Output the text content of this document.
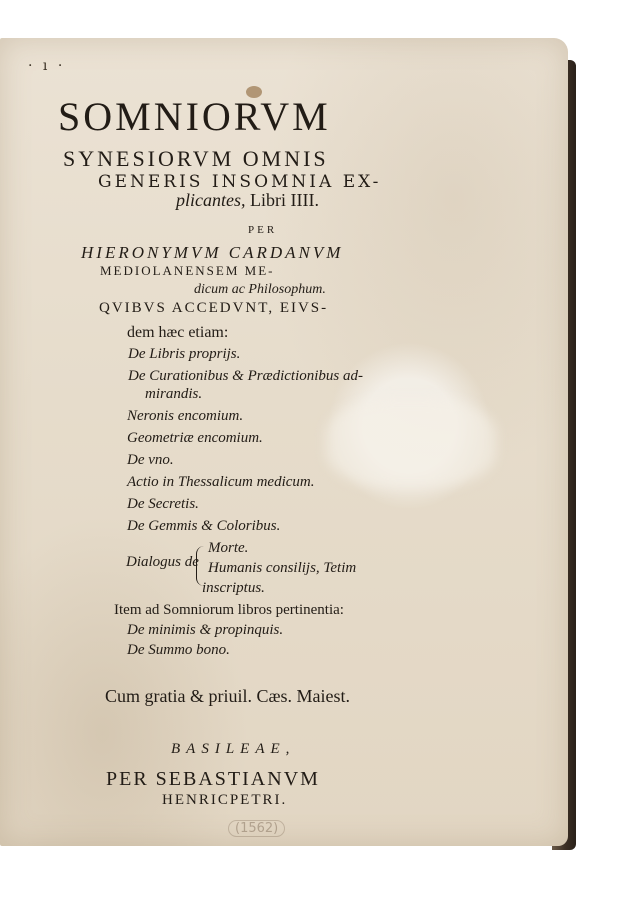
· ı ·
SOMNIORVM
SYNESIORVM OMNIS
GENERIS INSOMNIA EX-
plicantes, Libri IIII.
PER
HIERONYMVM CARDANVM
MEDIOLANENSEM ME-
dicum ac Philosophum.
QVIBVS ACCEDVNT, EIVS-
dem hæc etiam:
De Libris proprijs.
De Curationibus & Prædictionibus ad-
mirandis.
Neronis encomium.
Geometriæ encomium.
De vno.
Actio in Thessalicum medicum.
De Secretis.
De Gemmis & Coloribus.
Dialogus de
Morte.
Humanis consilijs, Tetim
inscriptus.
Item ad Somniorum libros pertinentia:
De minimis & propinquis.
De Summo bono.
Cum gratia & priuil. Cæs. Maiest.
BASILEAE,
PER SEBASTIANVM
HENRICPETRI.
(1562)
